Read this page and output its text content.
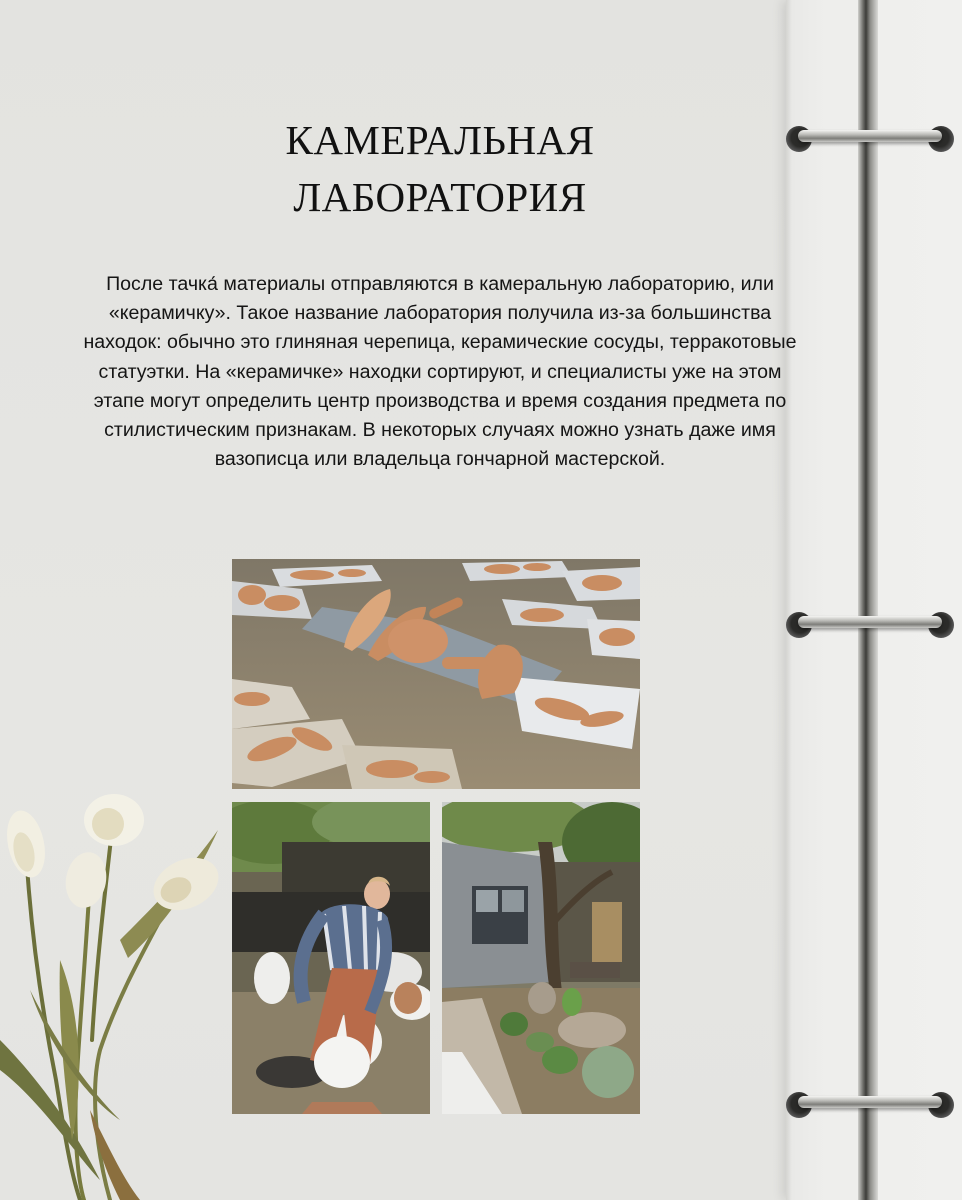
КАМЕРАЛЬНАЯ
ЛАБОРАТОРИЯ

После тачка́ материалы отправляются в камеральную лабораторию, или «керамичку». Такое название лаборатория получила из-за большинства находок: обычно это глиняная черепица, керамические сосуды, терракотовые статуэтки. На «керамичке» находки сортируют, и специалисты уже на этом этапе могут определить центр производства и время создания предмета по стилистическим признакам. В некоторых случаях можно узнать даже имя вазописца или владельца гончарной мастерской.
